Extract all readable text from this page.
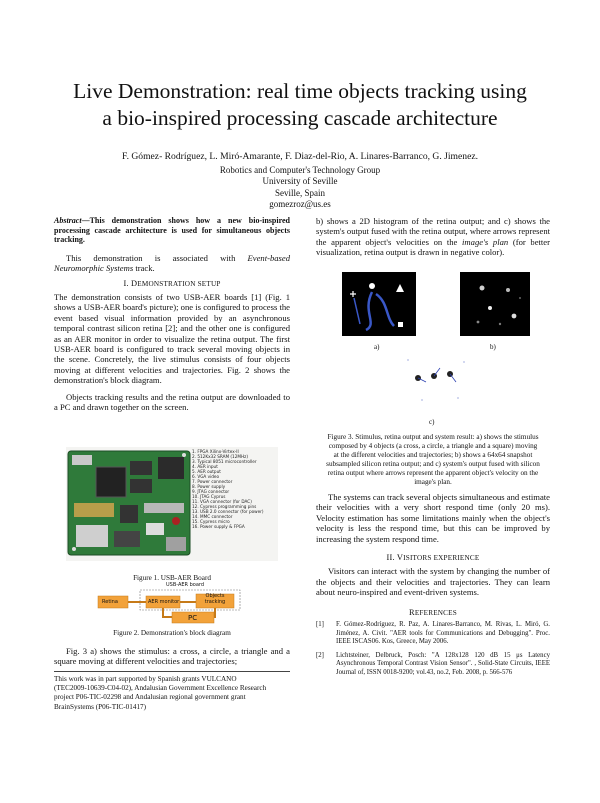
Live Demonstration: real time objects tracking using
a bio-inspired processing cascade architecture
F. Gómez- Rodríguez, L. Miró-Amarante, F. Diaz-del-Rio, A. Linares-Barranco, G. Jimenez.
Robotics and Computer's Technology Group
University of Seville
Seville, Spain
gomezroz@us.es

Abstract—This demonstration shows how a new bio-inspired processing cascade architecture is used for simultaneous objects tracking.

This demonstration is associated with Event-based Neuromorphic Systems track.

I. DEMONSTRATION SETUP

The demonstration consists of two USB-AER boards [1] (Fig. 1 shows a USB-AER board's picture); one is configured to process the event based visual information provided by an asynchronous temporal contrast silicon retina [2]; and the other one is configured as an AER monitor in order to visualize the retina output. The first USB-AER board is configured to track several moving objects in the scene. Concretely, the live stimulus consists of four objects moving at different velocities and trajectories. Fig. 2 shows the demonstration's block diagram.

Objects tracking results and the retina output are downloaded to a PC and drawn together on the screen.

1. FPGA Xilinx-Virtex-II
2. 512Kx32 SRAM (12MHz)
3. Typical 8051 microcontroller
4. AER input
5. AER output
6. VGA video
7. Power connector
8. Power supply
9. JTAG connector
10. JTAG Cyprus
11. VGA connector (for DAC)
12. Cypress programming pins
13. USB 2.0 connector (for power)
14. MMC connector
15. Cypress micro
16. Power supply & FPGA
Figure 1. USB-AER Board
USB-AER board
Retina	AER monitor
Objects
tracking
PC
Figure 2. Demonstration's block diagram

Fig. 3 a) shows the stimulus: a cross, a circle, a triangle and a square moving at different velocities and trajectories;

This work was in part supported by Spanish grants VULCANO
(TEC2009-10639-C04-02), Andalusian Government Excellence Research
project P06-TIC-02298 and Andalusian regional government grant
BrainSystems (P06-TIC-01417)

b) shows a 2D histogram of the retina output; and c) shows the system's output fused with the retina output, where arrows represent the apparent object's velocities on the image's plan (for better visualization, retina output is drawn in negative color).

a)	b)
c)
Figure 3. Stimulus, retina output and system result: a) shows the stimulus composed by 4 objects (a cross, a circle, a triangle and a square) moving at the different velocities and trajectories; b) shows a 64x64 snapshot subsampled silicon retina output; and c) system's output fused with silicon retina output where arrows represent the apparent object's velocity on the image's plan.

The systems can track several objects simultaneous and estimate their velocities with a very short respond time (only 20 ms). Velocity estimation has some limitations mainly when the object's velocity is less the respond time, but this can be improved by increasing the system respond time.

II. VISITORS EXPERIENCE

Visitors can interact with the system by changing the number of the objects and their velocities and trajectories. They can learn about neuro-inspired and event-driven systems.

REFERENCES
[1]	F. Gómez-Rodríguez, R. Paz, A. Linares-Barranco, M. Rivas, L. Miró, G. Jiménez, A. Civit. "AER tools for Communications and Debugging". Proc. IEEE ISCAS06. Kos, Greece, May 2006.
[2]	Lichtsteiner, Delbruck, Posch: "A 128x128 120 dB 15 μs Latency Asynchronous Temporal Contrast Vision Sensor". , Solid-State Circuits, IEEE Journal of, ISSN 0018-9200; vol.43, no.2, Feb. 2008, p. 566-576
